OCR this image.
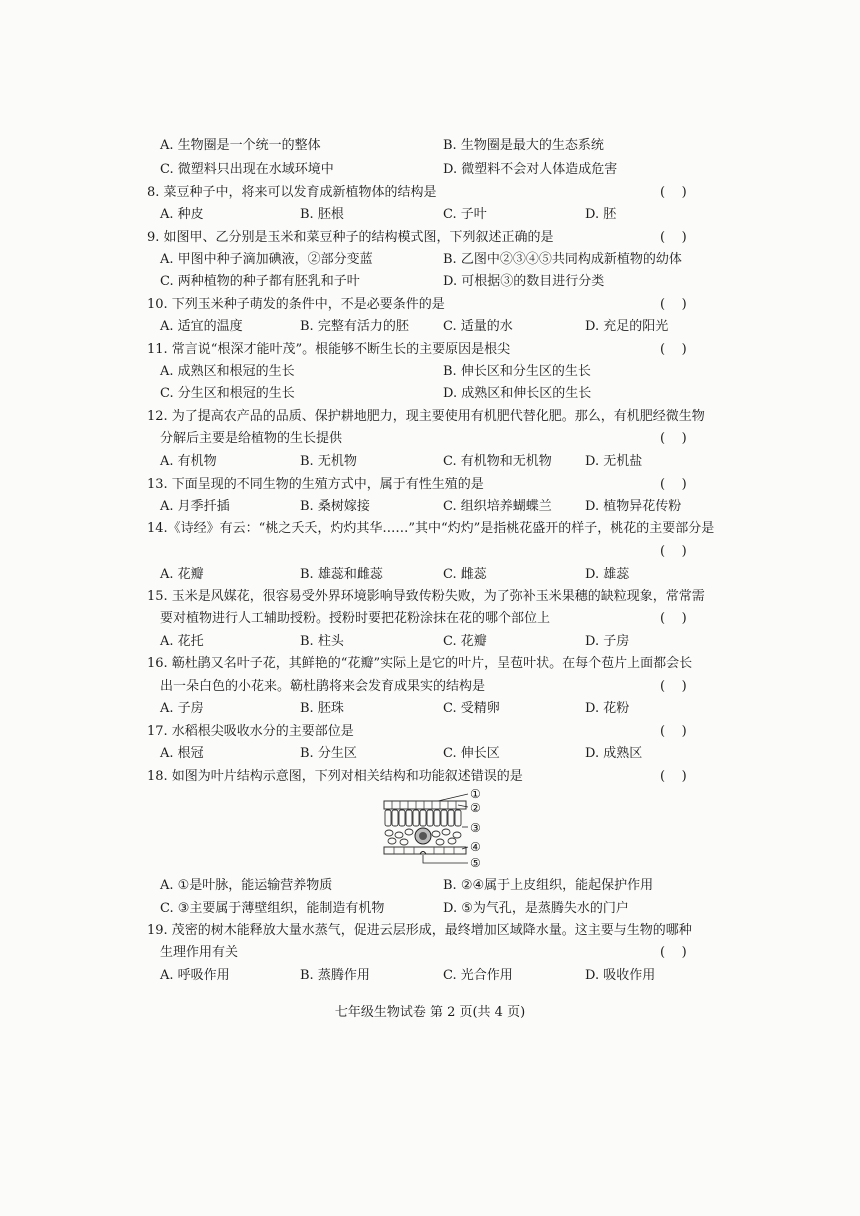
A. 生物圈是一个统一的整体	B. 生物圈是最大的生态系统
C. 微塑料只出现在水域环境中	D. 微塑料不会对人体造成危害
8. 菜豆种子中，将来可以发育成新植物体的结构是	(    )
A. 种皮	B. 胚根	C. 子叶	D. 胚
9. 如图甲、乙分别是玉米和菜豆种子的结构模式图，下列叙述正确的是	(    )
A. 甲图中种子滴加碘液，②部分变蓝	B. 乙图中②③④⑤共同构成新植物的幼体
C. 两种植物的种子都有胚乳和子叶	D. 可根据③的数目进行分类
10. 下列玉米种子萌发的条件中，不是必要条件的是	(    )
A. 适宜的温度	B. 完整有活力的胚	C. 适量的水	D. 充足的阳光
11. 常言说“根深才能叶茂”。根能够不断生长的主要原因是根尖	(    )
A. 成熟区和根冠的生长	B. 伸长区和分生区的生长
C. 分生区和根冠的生长	D. 成熟区和伸长区的生长
12. 为了提高农产品的品质、保护耕地肥力，现主要使用有机肥代替化肥。那么，有机肥经微生物
分解后主要是给植物的生长提供	(    )
A. 有机物	B. 无机物	C. 有机物和无机物	D. 无机盐
13. 下面呈现的不同生物的生殖方式中，属于有性生殖的是	(    )
A. 月季扦插	B. 桑树嫁接	C. 组织培养蝴蝶兰	D. 植物异花传粉
14.《诗经》有云：“桃之夭夭，灼灼其华……”其中“灼灼”是指桃花盛开的样子，桃花的主要部分是
(    )
A. 花瓣	B. 雄蕊和雌蕊	C. 雌蕊	D. 雄蕊
15. 玉米是风媒花，很容易受外界环境影响导致传粉失败，为了弥补玉米果穗的缺粒现象，常常需
要对植物进行人工辅助授粉。授粉时要把花粉涂抹在花的哪个部位上	(    )
A. 花托	B. 柱头	C. 花瓣	D. 子房
16. 簕杜鹃又名叶子花，其鲜艳的“花瓣”实际上是它的叶片，呈苞叶状。在每个苞片上面都会长
出一朵白色的小花来。簕杜鹃将来会发育成果实的结构是	(    )
A. 子房	B. 胚珠	C. 受精卵	D. 花粉
17. 水稻根尖吸收水分的主要部位是	(    )
A. 根冠	B. 分生区	C. 伸长区	D. 成熟区
18. 如图为叶片结构示意图，下列对相关结构和功能叙述错误的是	(    )
①
②
③
④
⑤
A. ①是叶脉，能运输营养物质	B. ②④属于上皮组织，能起保护作用
C. ③主要属于薄壁组织，能制造有机物	D. ⑤为气孔，是蒸腾失水的门户
19. 茂密的树木能释放大量水蒸气，促进云层形成，最终增加区域降水量。这主要与生物的哪种
生理作用有关	(    )
A. 呼吸作用	B. 蒸腾作用	C. 光合作用	D. 吸收作用
七年级生物试卷 第 2 页(共 4 页)
